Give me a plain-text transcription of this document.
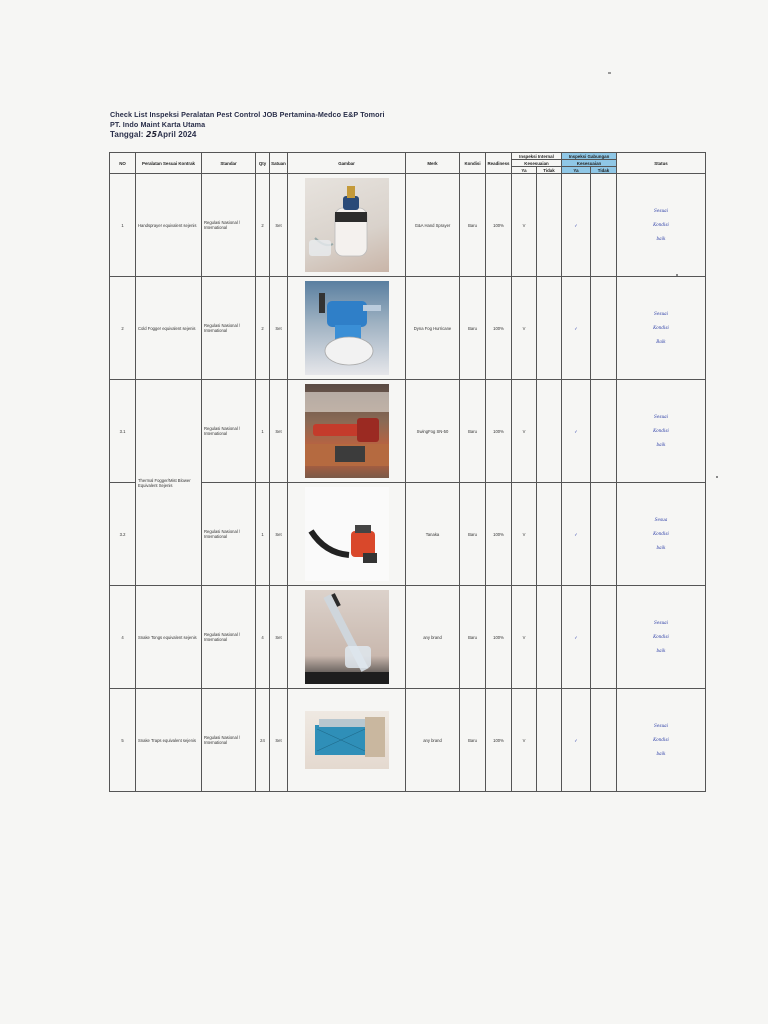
Check List Inspeksi Peralatan Pest Control JOB Pertamina-Medco E&P Tomori
PT. Indo Maint Karta Utama
Tanggal: 25April 2024
NO	Peralatan Sesuai Kontrak	Standar	Qty	Satuan	Gambar	Merk	Kondisi	Readiness	Inspeksi Internal		Inspeksi Gabungan		Status
									Kesesuaian		Kesesuaian		
									Ya	Tidak	Ya	Tidak	
1	Handsprayer equivalent sejenis	Regulasi Nasional / International	2	Set		G&A Hand Sprayer	Baru	100%	V		✓		Sesuai
Kondisi
baik

2	Cold Fogger equivalent sejenis	Regulasi Nasional / International	2	Set		Dyna Fog Hurricane	Baru	100%	V		✓		Sesuai
Kondisi
Baik

3.1	Thermal Fogger/Mist Blower Equivalent Sejenis	Regulasi Nasional / International	1	Set		SwingFog SN-50	Baru	100%	V		✓		Sesuai
Kondisi
baik

3.2		Regulasi Nasional / International	1	Set		Tanaka	Baru	100%	V		✓		Sesua
Kondisi
baik

4	Snake Tongs equivalent sejenis	Regulasi Nasional / International	4	Set		any brand	Baru	100%	V		✓		Sesuai
Kondisi
baik

5	Snake Traps equivalent sejenis	Regulasi Nasional / International	24	Set		any brand	Baru	100%	V		✓		Sesuai
Kondisi
baik
